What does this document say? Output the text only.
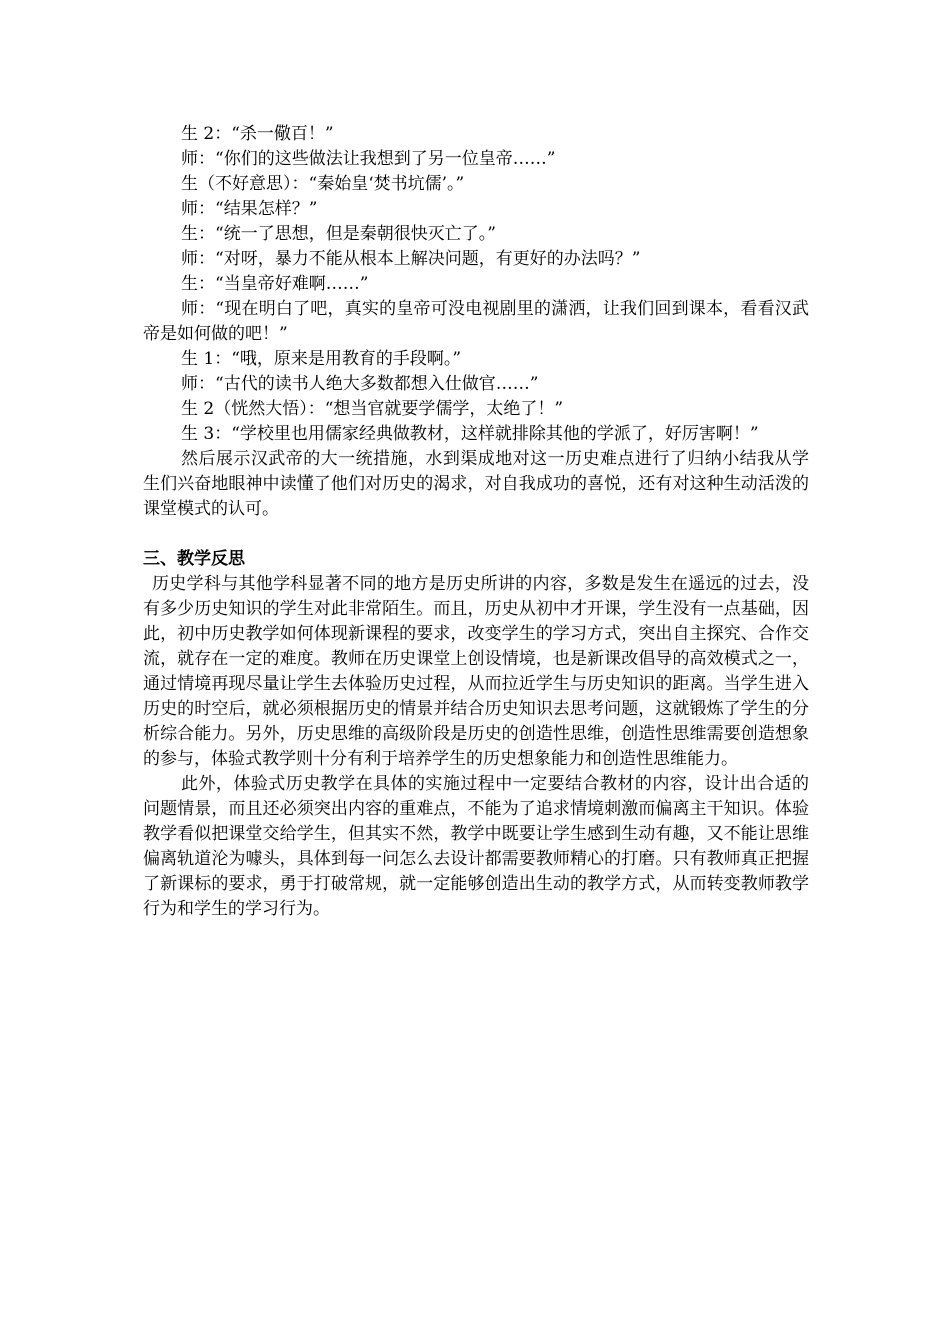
生 2：“杀一儆百！”

师：“你们的这些做法让我想到了另一位皇帝……”

生（不好意思）：“秦始皇‘焚书坑儒’。”

师：“结果怎样？”

生：“统一了思想，但是秦朝很快灭亡了。”

师：“对呀，暴力不能从根本上解决问题，有更好的办法吗？”

生：“当皇帝好难啊……”

师：“现在明白了吧，真实的皇帝可没电视剧里的潇洒，让我们回到课本，看看汉武帝是如何做的吧！”

生 1：“哦，原来是用教育的手段啊。”

师：“古代的读书人绝大多数都想入仕做官……”

生 2（恍然大悟）：“想当官就要学儒学，太绝了！”

生 3：“学校里也用儒家经典做教材，这样就排除其他的学派了，好厉害啊！”

然后展示汉武帝的大一统措施，水到渠成地对这一历史难点进行了归纳小结我从学生们兴奋地眼神中读懂了他们对历史的渴求，对自我成功的喜悦，还有对这种生动活泼的课堂模式的认可。

三、教学反思

历史学科与其他学科显著不同的地方是历史所讲的内容，多数是发生在遥远的过去，没有多少历史知识的学生对此非常陌生。而且，历史从初中才开课，学生没有一点基础，因此，初中历史教学如何体现新课程的要求，改变学生的学习方式，突出自主探究、合作交流，就存在一定的难度。教师在历史课堂上创设情境，也是新课改倡导的高效模式之一，通过情境再现尽量让学生去体验历史过程，从而拉近学生与历史知识的距离。当学生进入历史的时空后，就必须根据历史的情景并结合历史知识去思考问题，这就锻炼了学生的分析综合能力。另外，历史思维的高级阶段是历史的创造性思维，创造性思维需要创造想象的参与，体验式教学则十分有利于培养学生的历史想象能力和创造性思维能力。

此外，体验式历史教学在具体的实施过程中一定要结合教材的内容，设计出合适的问题情景，而且还必须突出内容的重难点，不能为了追求情境刺激而偏离主干知识。体验教学看似把课堂交给学生，但其实不然，教学中既要让学生感到生动有趣，又不能让思维偏离轨道沦为噱头，具体到每一问怎么去设计都需要教师精心的打磨。只有教师真正把握了新课标的要求，勇于打破常规，就一定能够创造出生动的教学方式，从而转变教师教学行为和学生的学习行为。
